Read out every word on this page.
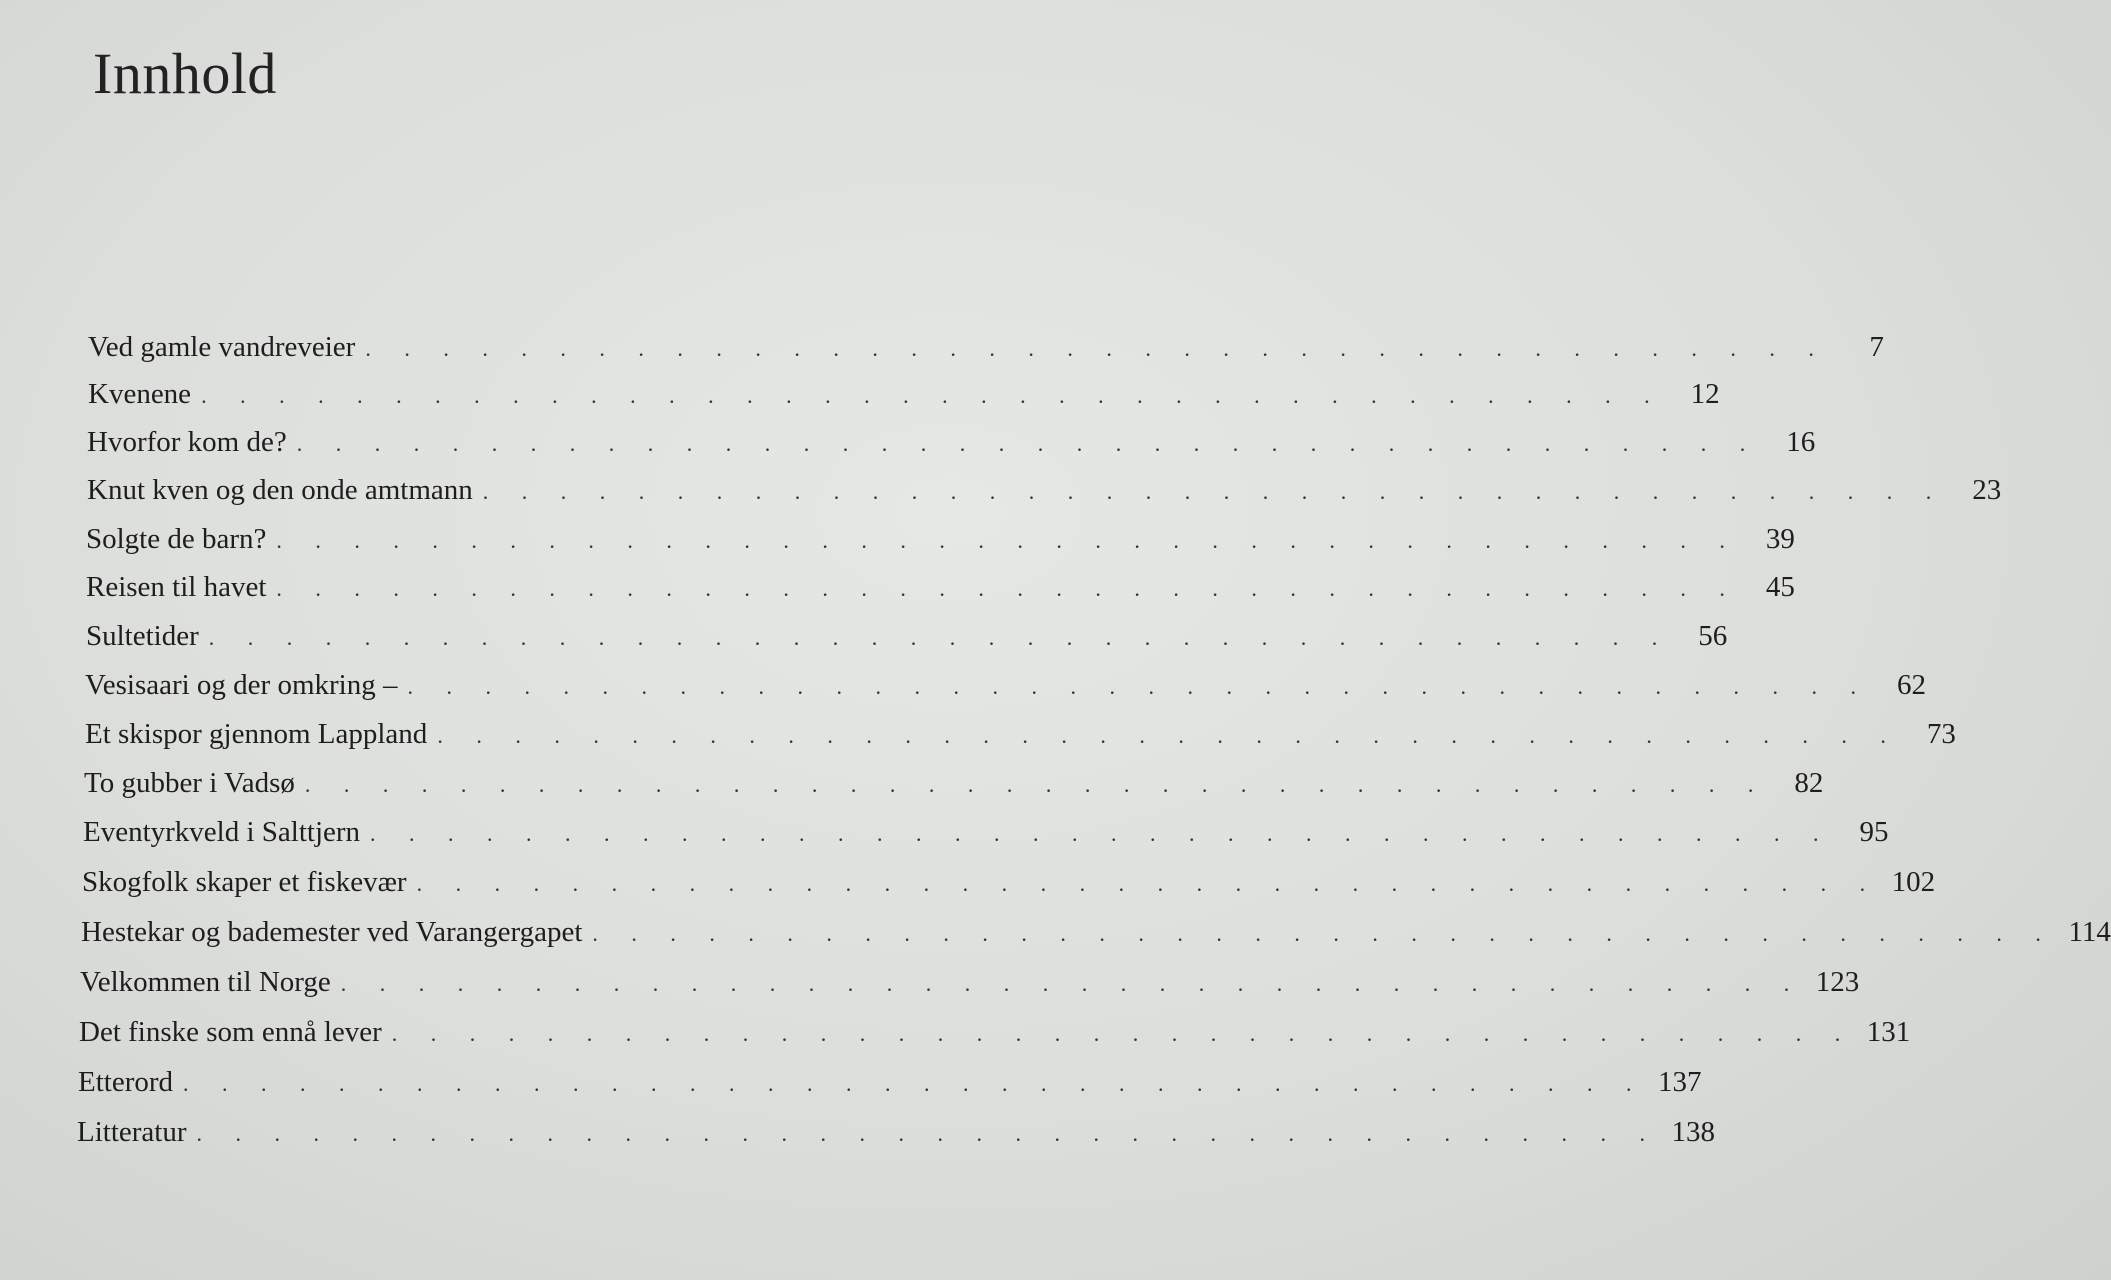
Innhold
Ved gamle vandreveier . . . . . . . . . . . . . . . . . . . . . . . . . . . . . . . . . . . . . .	7
Kvenene . . . . . . . . . . . . . . . . . . . . . . . . . . . . . . . . . . . . . . 12
Hvorfor kom de? . . . . . . . . . . . . . . . . . . . . . . . . . . . . . . . . . . . . . . 16
Knut kven og den onde amtmann . . . . . . . . . . . . . . . . . . . . . . . . . . . . . . . . . . . . . . 23
Solgte de barn? . . . . . . . . . . . . . . . . . . . . . . . . . . . . . . . . . . . . . . 39
Reisen til havet . . . . . . . . . . . . . . . . . . . . . . . . . . . . . . . . . . . . . . 45
Sultetider . . . . . . . . . . . . . . . . . . . . . . . . . . . . . . . . . . . . . . 56
Vesisaari og der omkring – . . . . . . . . . . . . . . . . . . . . . . . . . . . . . . . . . . . . . . 62
Et skispor gjennom Lappland . . . . . . . . . . . . . . . . . . . . . . . . . . . . . . . . . . . . . . 73
To gubber i Vadsø . . . . . . . . . . . . . . . . . . . . . . . . . . . . . . . . . . . . . . 82
Eventyrkveld i Salttjern . . . . . . . . . . . . . . . . . . . . . . . . . . . . . . . . . . . . . . 95
Skogfolk skaper et fiskevær . . . . . . . . . . . . . . . . . . . . . . . . . . . . . . . . . . . . . . 102
Hestekar og bademester ved Varangergapet . . . . . . . . . . . . . . . . . . . . . . . . . . . . . . . . . . . . . . 114
Velkommen til Norge . . . . . . . . . . . . . . . . . . . . . . . . . . . . . . . . . . . . . . 123
Det finske som ennå lever . . . . . . . . . . . . . . . . . . . . . . . . . . . . . . . . . . . . . . 131
Etterord . . . . . . . . . . . . . . . . . . . . . . . . . . . . . . . . . . . . . . 137
Litteratur . . . . . . . . . . . . . . . . . . . . . . . . . . . . . . . . . . . . . . 138
